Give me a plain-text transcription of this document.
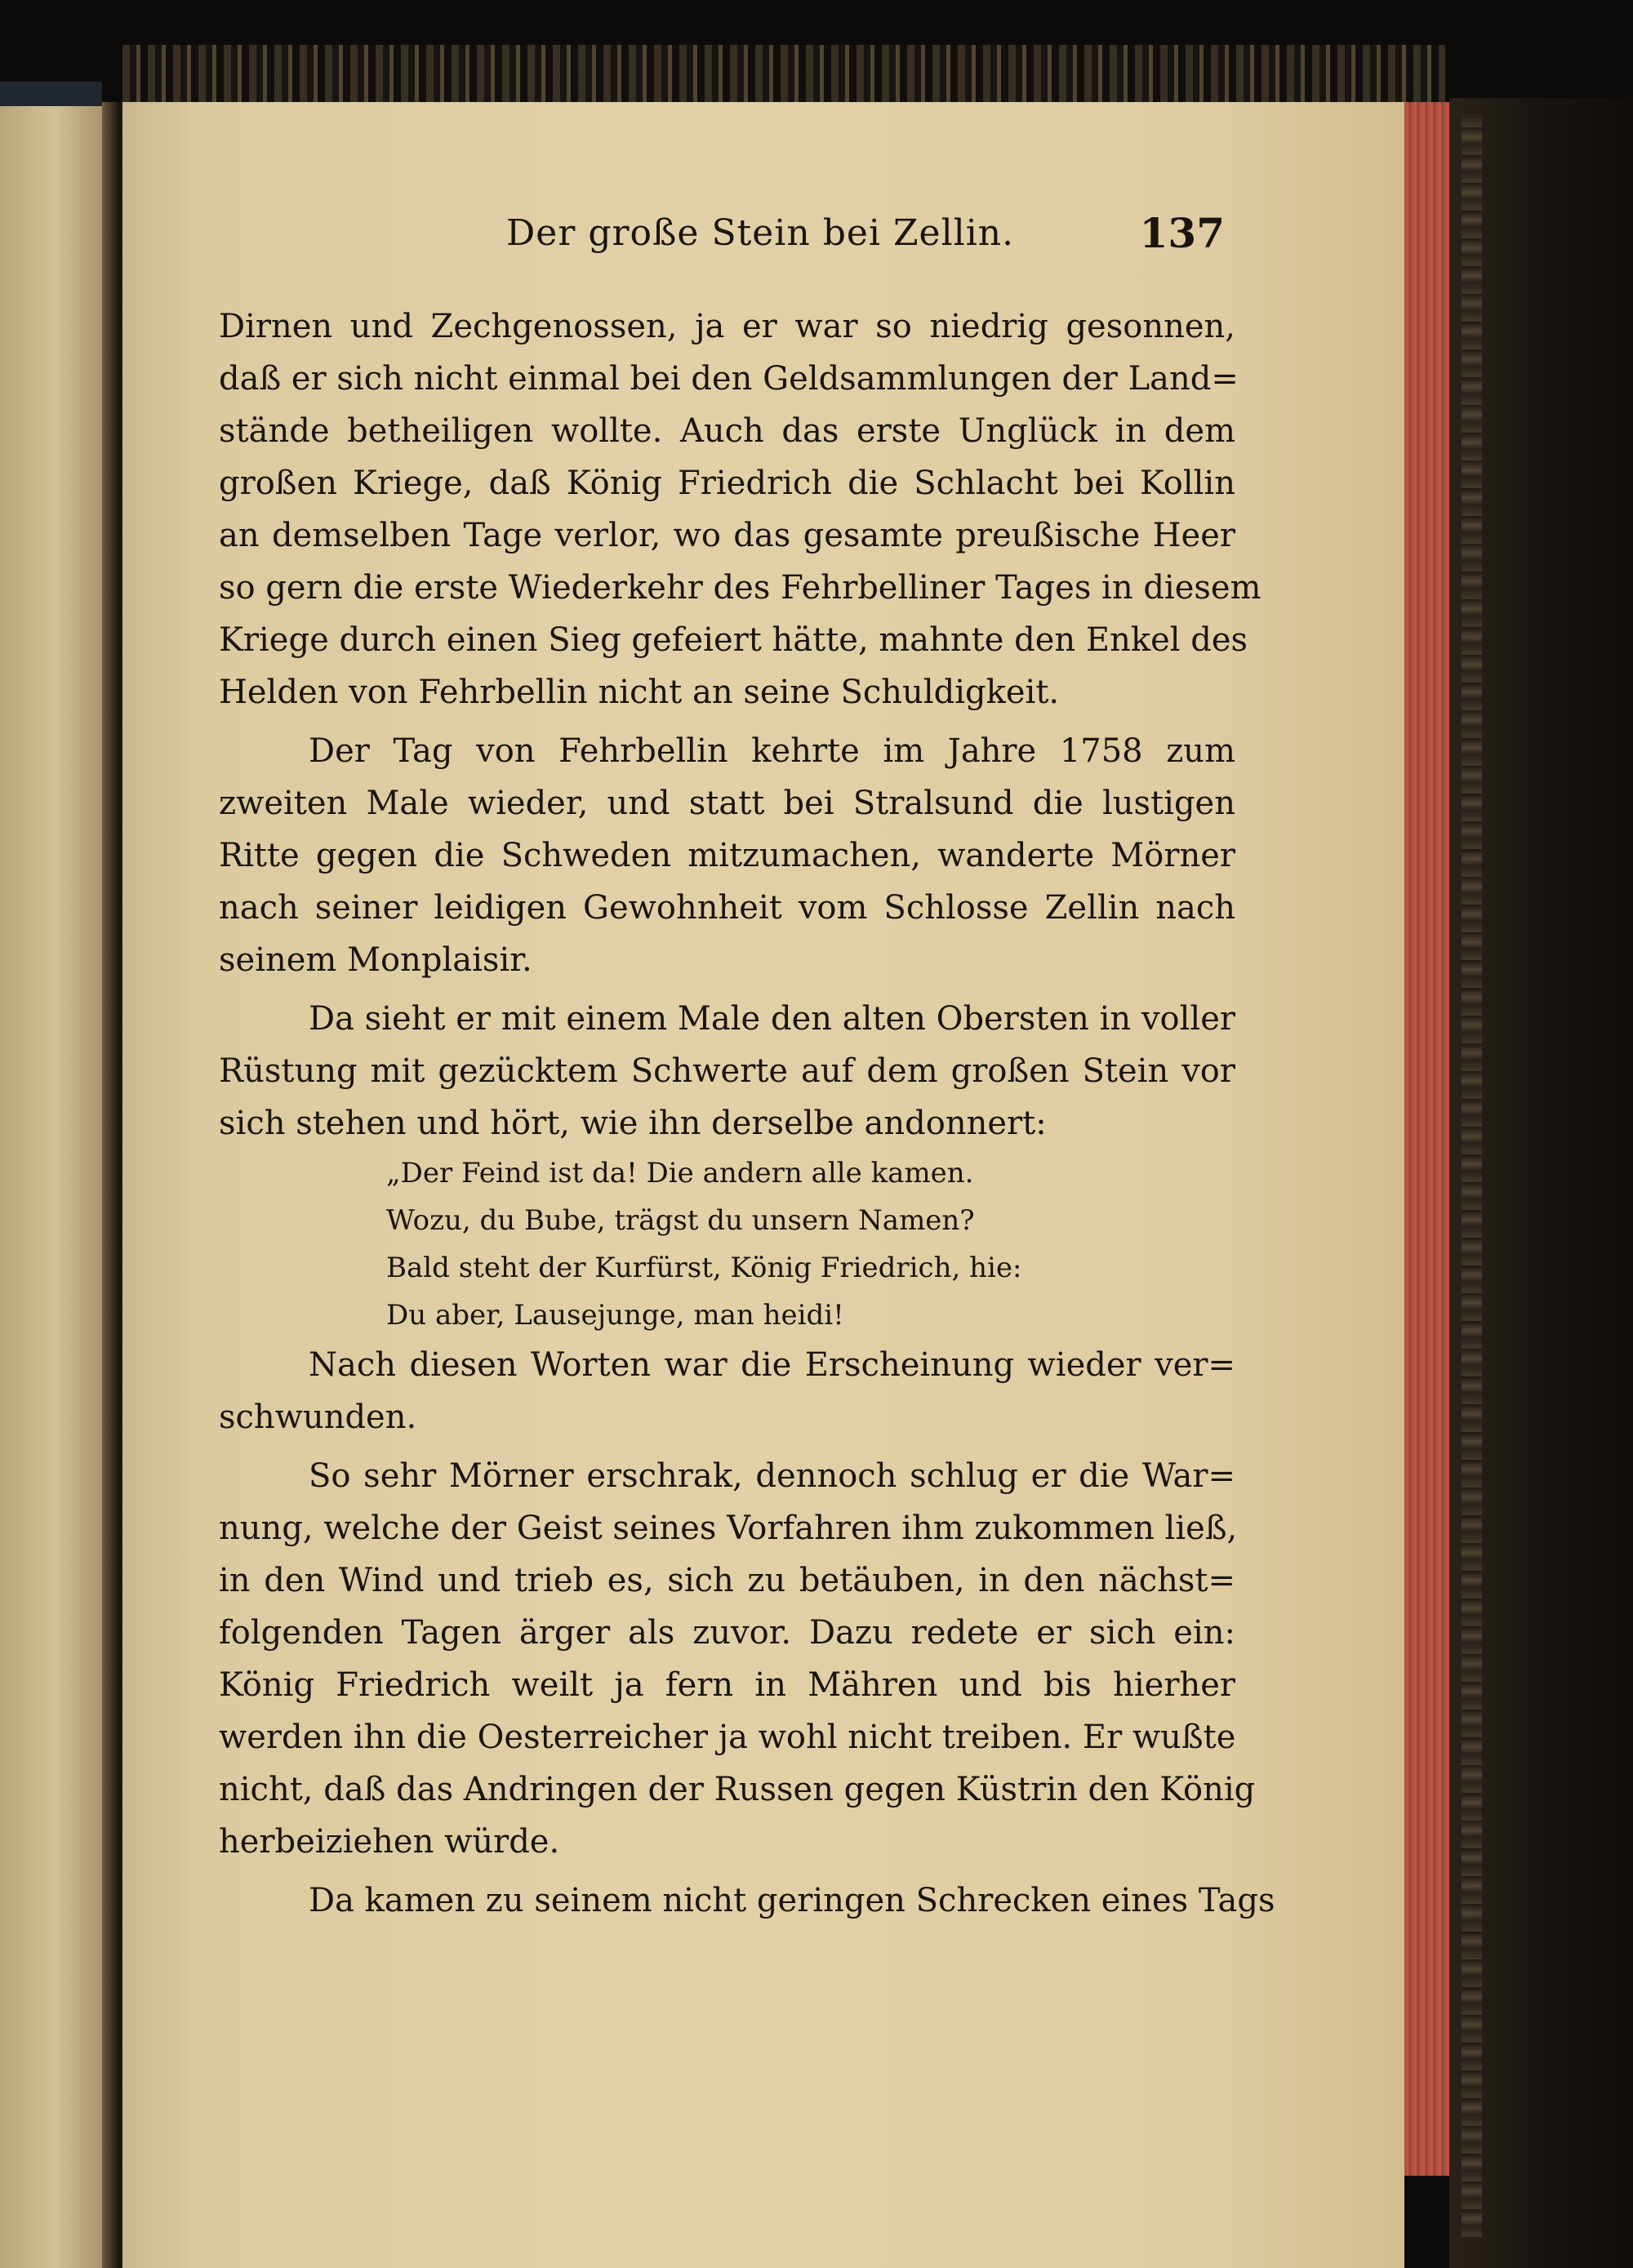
Der große Stein bei Zellin.	137
Dirnen und Zechgenossen, ja er war so niedrig gesonnen,
daß er sich nicht einmal bei den Geldsammlungen der Land=
stände betheiligen wollte. Auch das erste Unglück in dem
großen Kriege, daß König Friedrich die Schlacht bei Kollin
an demselben Tage verlor, wo das gesamte preußische Heer
so gern die erste Wiederkehr des Fehrbelliner Tages in diesem
Kriege durch einen Sieg gefeiert hätte, mahnte den Enkel des
Helden von Fehrbellin nicht an seine Schuldigkeit.
Der Tag von Fehrbellin kehrte im Jahre 1758 zum
zweiten Male wieder, und statt bei Stralsund die lustigen
Ritte gegen die Schweden mitzumachen, wanderte Mörner
nach seiner leidigen Gewohnheit vom Schlosse Zellin nach
seinem Monplaisir.
Da sieht er mit einem Male den alten Obersten in voller
Rüstung mit gezücktem Schwerte auf dem großen Stein vor
sich stehen und hört, wie ihn derselbe andonnert:
„Der Feind ist da! Die andern alle kamen.
Wozu, du Bube, trägst du unsern Namen?
Bald steht der Kurfürst, König Friedrich, hie:
Du aber, Lausejunge, man heidi!
Nach diesen Worten war die Erscheinung wieder ver=
schwunden.
So sehr Mörner erschrak, dennoch schlug er die War=
nung, welche der Geist seines Vorfahren ihm zukommen ließ,
in den Wind und trieb es, sich zu betäuben, in den nächst=
folgenden Tagen ärger als zuvor. Dazu redete er sich ein:
König Friedrich weilt ja fern in Mähren und bis hierher
werden ihn die Oesterreicher ja wohl nicht treiben. Er wußte
nicht, daß das Andringen der Russen gegen Küstrin den König
herbeiziehen würde.
Da kamen zu seinem nicht geringen Schrecken eines Tags
